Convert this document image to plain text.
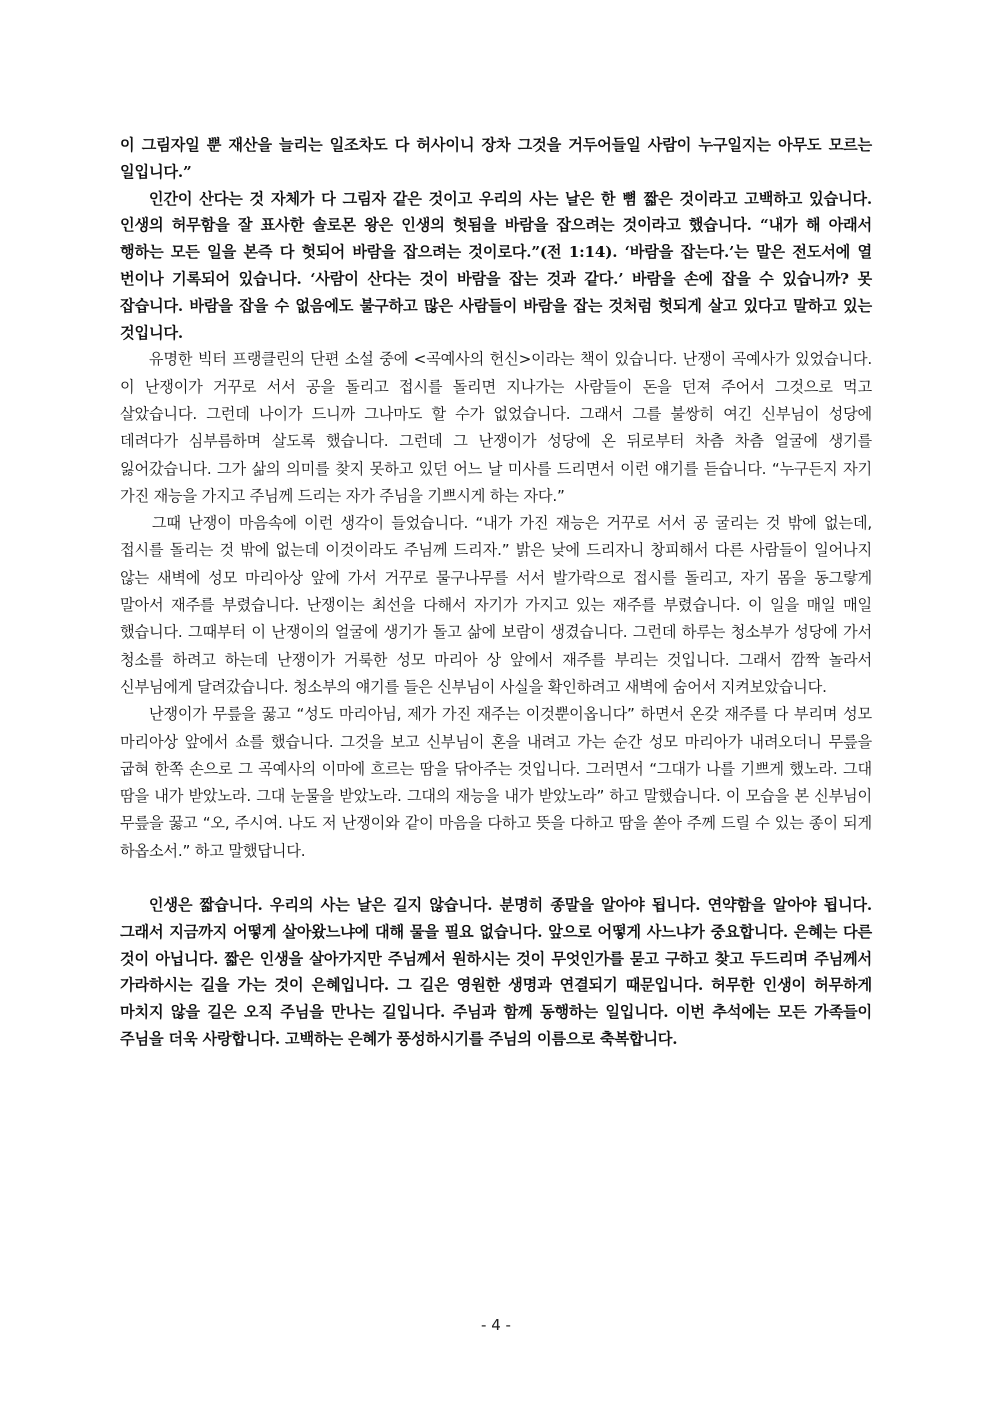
이 그림자일 뿐 재산을 늘리는 일조차도 다 허사이니 장차 그것을 거두어들일 사람이 누구일지는 아무도 모르는 일입니다.”

인간이 산다는 것 자체가 다 그림자 같은 것이고 우리의 사는 날은 한 뼘 짧은 것이라고 고백하고 있습니다. 인생의 허무함을 잘 표사한 솔로몬 왕은 인생의 헛됨을 바람을 잡으려는 것이라고 했습니다. “내가 해 아래서 행하는 모든 일을 본즉 다 헛되어 바람을 잡으려는 것이로다.”(전 1:14). ‘바람을 잡는다.’는 말은 전도서에 열 번이나 기록되어 있습니다. ‘사람이 산다는 것이 바람을 잡는 것과 같다.’ 바람을 손에 잡을 수 있습니까? 못 잡습니다. 바람을 잡을 수 없음에도 불구하고 많은 사람들이 바람을 잡는 것처럼 헛되게 살고 있다고 말하고 있는 것입니다.

유명한 빅터 프랭클린의 단편 소설 중에 <곡예사의 헌신>이라는 책이 있습니다. 난쟁이 곡예사가 있었습니다. 이 난쟁이가 거꾸로 서서 공을 돌리고 접시를 돌리면 지나가는 사람들이 돈을 던져 주어서 그것으로 먹고 살았습니다. 그런데 나이가 드니까 그나마도 할 수가 없었습니다. 그래서 그를 불쌍히 여긴 신부님이 성당에 데려다가 심부름하며 살도록 했습니다. 그런데 그 난쟁이가 성당에 온 뒤로부터 차츰 차츰 얼굴에 생기를 잃어갔습니다. 그가 삶의 의미를 찾지 못하고 있던 어느 날 미사를 드리면서 이런 얘기를 듣습니다. “누구든지 자기 가진 재능을 가지고 주님께 드리는 자가 주님을 기쁘시게 하는 자다.”

그때 난쟁이 마음속에 이런 생각이 들었습니다. “내가 가진 재능은 거꾸로 서서 공 굴리는 것 밖에 없는데, 접시를 돌리는 것 밖에 없는데 이것이라도 주님께 드리자.” 밝은 낮에 드리자니 창피해서 다른 사람들이 일어나지 않는 새벽에 성모 마리아상 앞에 가서 거꾸로 물구나무를 서서 발가락으로 접시를 돌리고, 자기 몸을 동그랗게 말아서 재주를 부렸습니다. 난쟁이는 최선을 다해서 자기가 가지고 있는 재주를 부렸습니다. 이 일을 매일 매일 했습니다. 그때부터 이 난쟁이의 얼굴에 생기가 돌고 삶에 보람이 생겼습니다. 그런데 하루는 청소부가 성당에 가서 청소를 하려고 하는데 난쟁이가 거룩한 성모 마리아 상 앞에서 재주를 부리는 것입니다. 그래서 깜짝 놀라서 신부님에게 달려갔습니다. 청소부의 얘기를 들은 신부님이 사실을 확인하려고 새벽에 숨어서 지켜보았습니다.

난쟁이가 무릎을 꿇고 “성도 마리아님, 제가 가진 재주는 이것뿐이옵니다” 하면서 온갖 재주를 다 부리며 성모 마리아상 앞에서 쇼를 했습니다. 그것을 보고 신부님이 혼을 내려고 가는 순간 성모 마리아가 내려오더니 무릎을 굽혀 한쪽 손으로 그 곡예사의 이마에 흐르는 땀을 닦아주는 것입니다. 그러면서 “그대가 나를 기쁘게 했노라. 그대 땀을 내가 받았노라. 그대 눈물을 받았노라. 그대의 재능을 내가 받았노라” 하고 말했습니다. 이 모습을 본 신부님이 무릎을 꿇고 “오, 주시여. 나도 저 난쟁이와 같이 마음을 다하고 뜻을 다하고 땀을 쏟아 주께 드릴 수 있는 종이 되게 하옵소서.” 하고 말했답니다.

인생은 짧습니다. 우리의 사는 날은 길지 않습니다. 분명히 종말을 알아야 됩니다. 연약함을 알아야 됩니다. 그래서 지금까지 어떻게 살아왔느냐에 대해 물을 필요 없습니다. 앞으로 어떻게 사느냐가 중요합니다. 은혜는 다른 것이 아닙니다. 짧은 인생을 살아가지만 주님께서 원하시는 것이 무엇인가를 묻고 구하고 찾고 두드리며 주님께서 가라하시는 길을 가는 것이 은혜입니다. 그 길은 영원한 생명과 연결되기 때문입니다. 허무한 인생이 허무하게 마치지 않을 길은 오직 주님을 만나는 길입니다. 주님과 함께 동행하는 일입니다. 이번 추석에는 모든 가족들이 주님을 더욱 사랑합니다. 고백하는 은혜가 풍성하시기를 주님의 이름으로 축복합니다.

- 4 -
